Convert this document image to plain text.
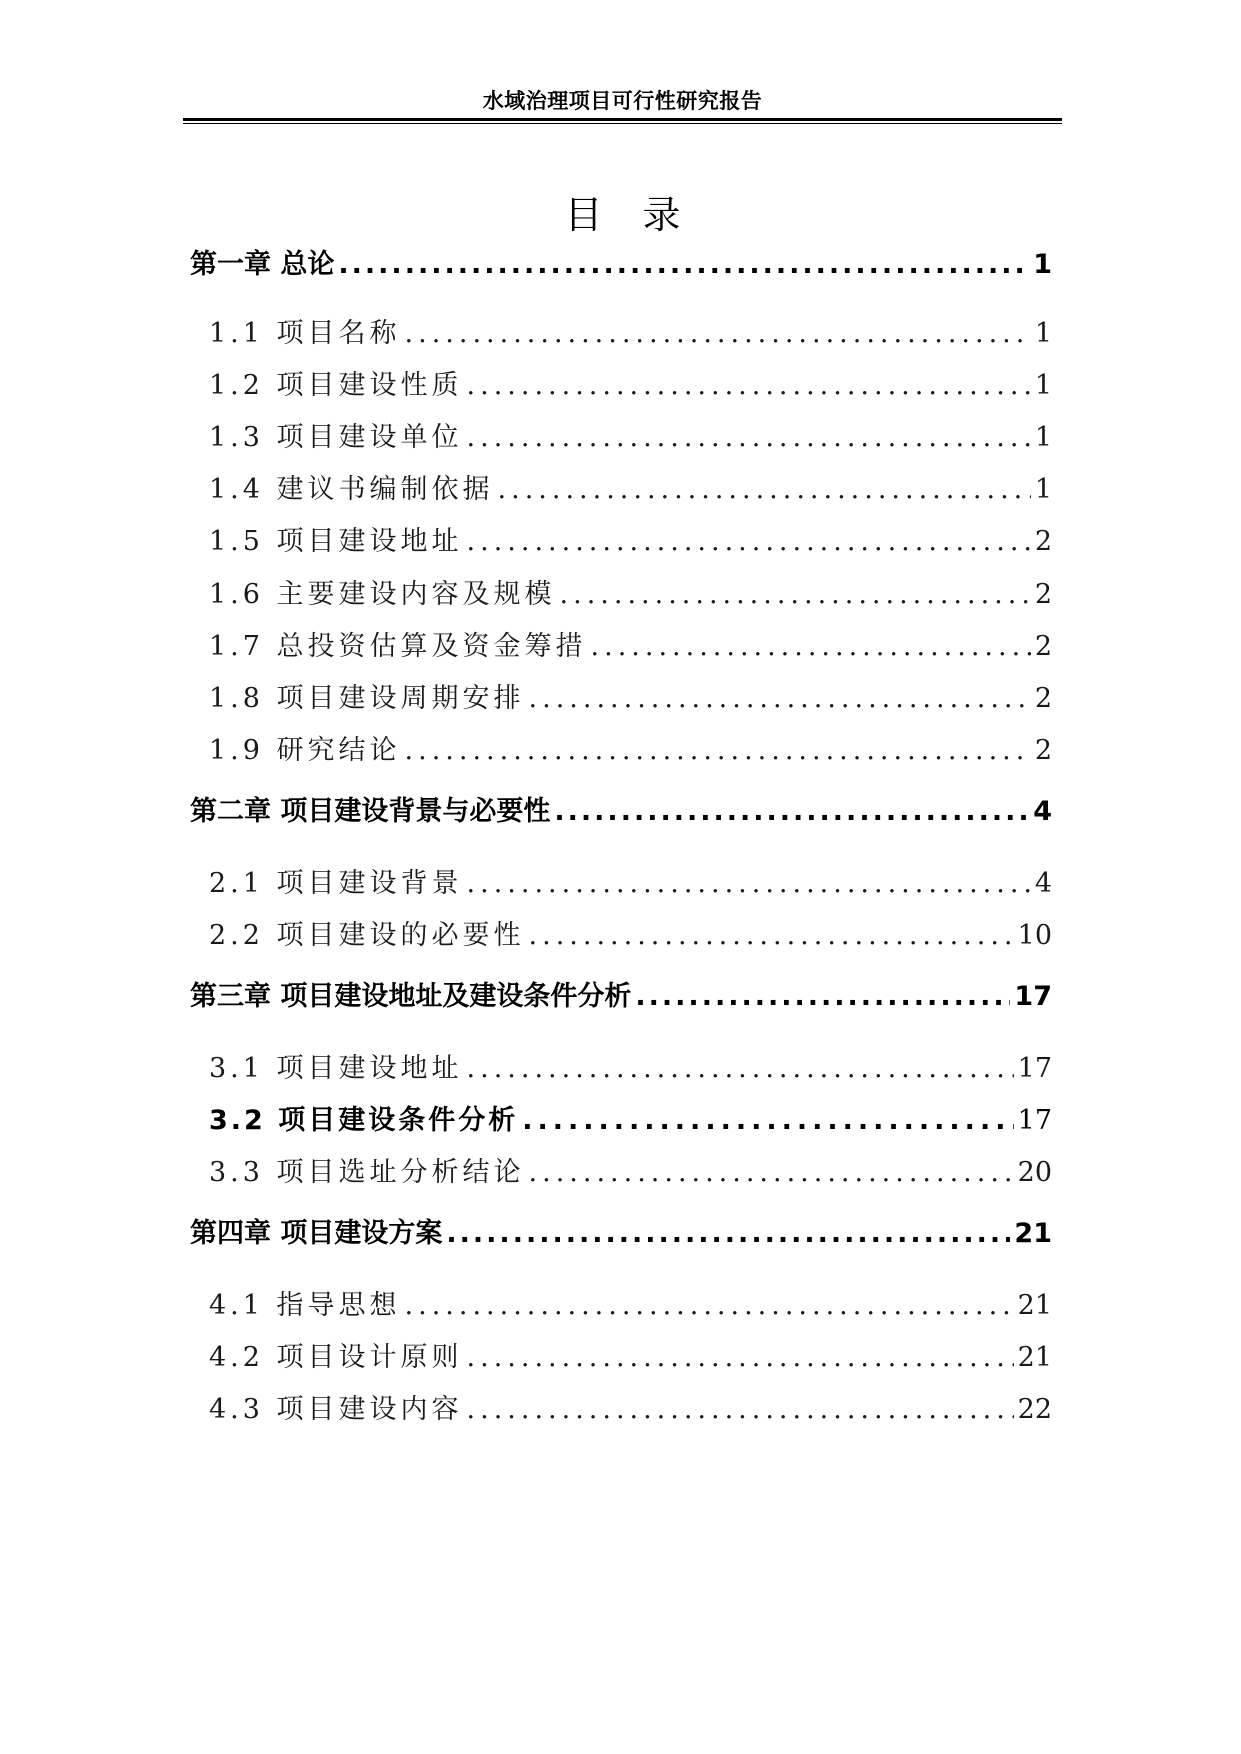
水域治理项目可行性研究报告
目录
第一章 总论 .....	1
1.1 项目名称 .....	1
1.2 项目建设性质 .....	1
1.3 项目建设单位 .....	1
1.4 建议书编制依据 .....	1
1.5 项目建设地址 .....	2
1.6 主要建设内容及规模 .....	2
1.7 总投资估算及资金筹措 .....	2
1.8 项目建设周期安排 .....	2
1.9 研究结论 .....	2
第二章 项目建设背景与必要性 .....	4
2.1 项目建设背景 .....	4
2.2 项目建设的必要性 .....	10
第三章 项目建设地址及建设条件分析 .....	17
3.1 项目建设地址 .....	17
3.2 项目建设条件分析 .....	17
3.3 项目选址分析结论 .....	20
第四章 项目建设方案 .....	21
4.1 指导思想 .....	21
4.2 项目设计原则 .....	21
4.3 项目建设内容 .....	22
